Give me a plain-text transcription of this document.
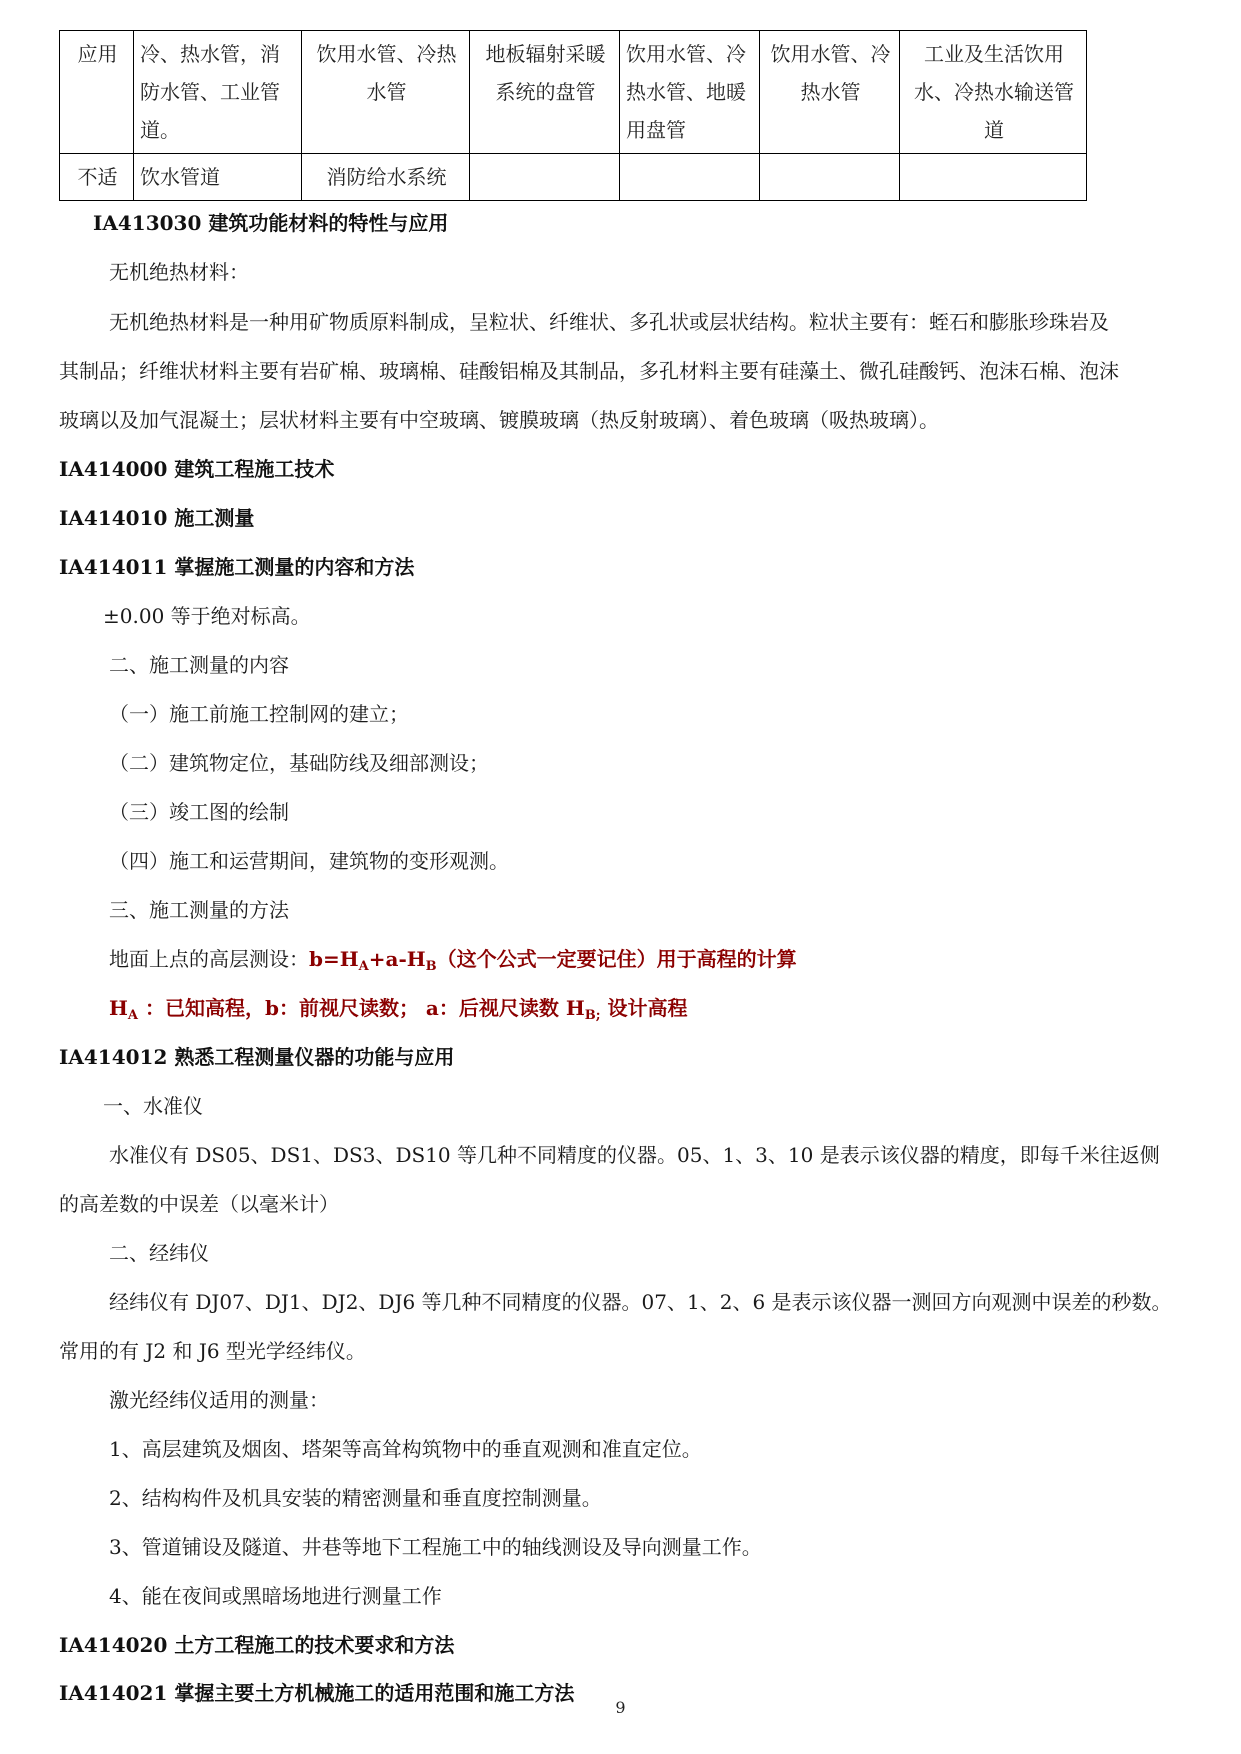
应用	冷、热水管，消防水管、工业管道。	饮用水管、冷热水管	地板辐射采暖系统的盘管	饮用水管、冷热水管、地暖用盘管	饮用水管、冷热水管	工业及生活饮用水、冷热水输送管道
不适	饮水管道	消防给水系统				
IA413030 建筑功能材料的特性与应用
无机绝热材料：
无机绝热材料是一种用矿物质原料制成，呈粒状、纤维状、多孔状或层状结构。粒状主要有：蛭石和膨胀珍珠岩及
其制品；纤维状材料主要有岩矿棉、玻璃棉、硅酸铝棉及其制品，多孔材料主要有硅藻土、微孔硅酸钙、泡沫石棉、泡沫
玻璃以及加气混凝土；层状材料主要有中空玻璃、镀膜玻璃（热反射玻璃）、着色玻璃（吸热玻璃）。
IA414000 建筑工程施工技术
IA414010 施工测量
IA414011 掌握施工测量的内容和方法
±0.00 等于绝对标高。
二、施工测量的内容
（一）施工前施工控制网的建立；
（二）建筑物定位，基础防线及细部测设；
（三）竣工图的绘制
（四）施工和运营期间，建筑物的变形观测。
三、施工测量的方法
地面上点的高层测设：$b=H_A+a-H_B$（这个公式一定要记住）用于高程的计算
$H_A$ ：已知高程，b：前视尺读数； a：后视尺读数 $H_{B;}$ 设计高程
IA414012 熟悉工程测量仪器的功能与应用
一、水准仪
水准仪有 DS05、DS1、DS3、DS10 等几种不同精度的仪器。05、1、3、10 是表示该仪器的精度，即每千米往返侧
的高差数的中误差（以毫米计）
二、经纬仪
经纬仪有 DJ07、DJ1、DJ2、DJ6 等几种不同精度的仪器。07、1、2、6 是表示该仪器一测回方向观测中误差的秒数。
常用的有 J2 和 J6 型光学经纬仪。
激光经纬仪适用的测量：
1、高层建筑及烟囱、塔架等高耸构筑物中的垂直观测和准直定位。
2、结构构件及机具安装的精密测量和垂直度控制测量。
3、管道铺设及隧道、井巷等地下工程施工中的轴线测设及导向测量工作。
4、能在夜间或黑暗场地进行测量工作
IA414020 土方工程施工的技术要求和方法
IA414021 掌握主要土方机械施工的适用范围和施工方法
9
